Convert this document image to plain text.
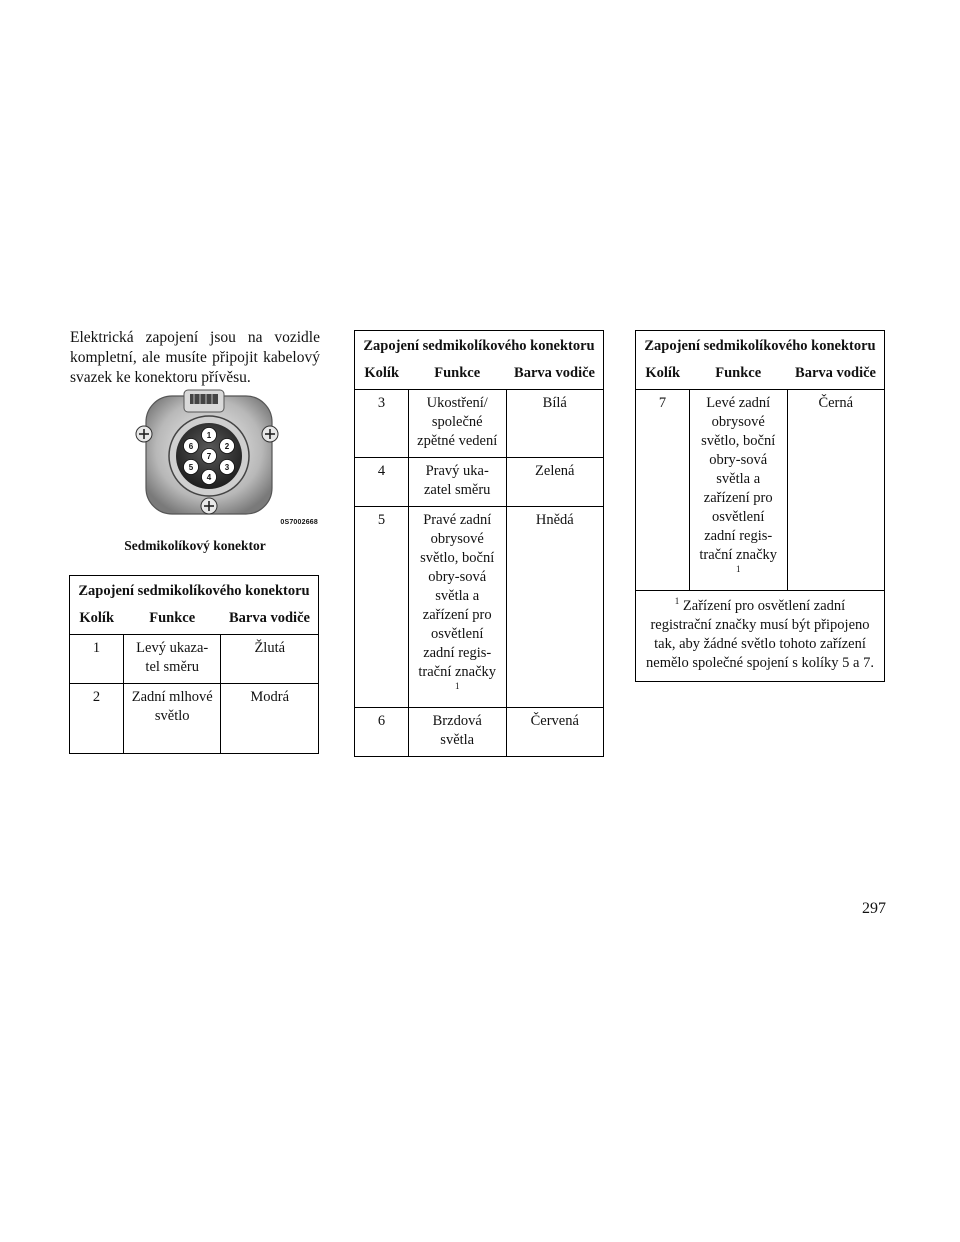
Elektrická zapojení jsou na vozidle kompletní, ale musíte připojit kabelový svazek ke konektoru přívěsu.
1
2
3
4
5
6
7
0S7002668
Sedmikolíkový konektor
Zapojení sedmikolíkového konektoru		
Kolík	Funkce	Barva vodiče
1	Levý ukaza-tel směru	Žlutá
2	Zadní mlhové světlo	Modrá
Zapojení sedmikolíkového konektoru		
Kolík	Funkce	Barva vodiče
3	Ukostření/ společné zpětné vedení	Bílá
4	Pravý uka-zatel směru	Zelená
5	Pravé zadní obrysové světlo, boční obry-sová světla a zařízení pro osvětlení zadní regis-trační značky $^1$	Hnědá
6	Brzdová světla	Červená
Zapojení sedmikolíkového konektoru		
Kolík	Funkce	Barva vodiče
7	Levé zadní obrysové světlo, boční obry-sová světla a zařízení pro osvětlení zadní regis-trační značky $^1$	Černá
$^1$ Zařízení pro osvětlení zadní registrační značky musí být připojeno tak, aby žádné světlo tohoto zařízení nemělo společné spojení s kolíky 5 a 7.		
297
